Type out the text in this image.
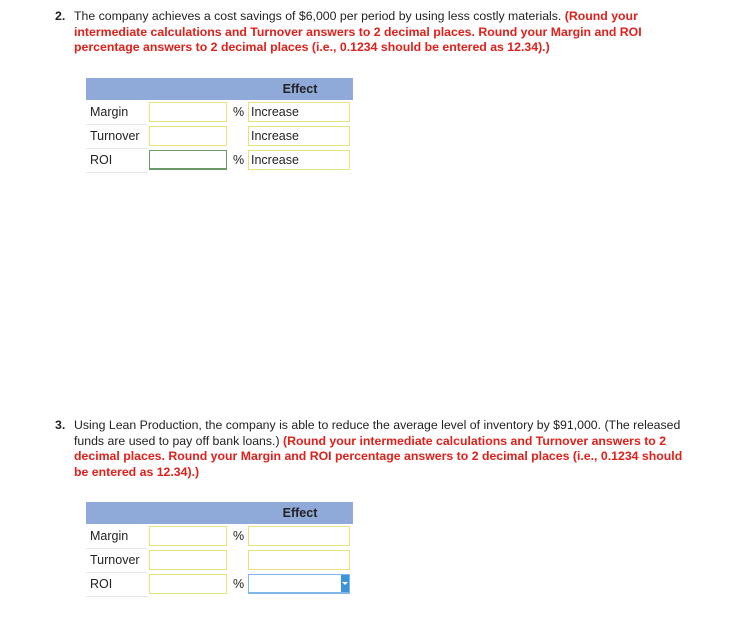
2. The company achieves a cost savings of $6,000 per period by using less costly materials. (Round your intermediate calculations and Turnover answers to 2 decimal places. Round your Margin and ROI percentage answers to 2 decimal places (i.e., 0.1234 should be entered as 12.34).)
			Effect
Margin		%	Increase

Turnover			Increase

ROI		%	Increase
3. Using Lean Production, the company is able to reduce the average level of inventory by $91,000. (The released funds are used to pay off bank loans.) (Round your intermediate calculations and Turnover answers to 2 decimal places. Round your Margin and ROI percentage answers to 2 decimal places (i.e., 0.1234 should be entered as 12.34).)
			Effect
Margin		%	

Turnover			

ROI		%	
